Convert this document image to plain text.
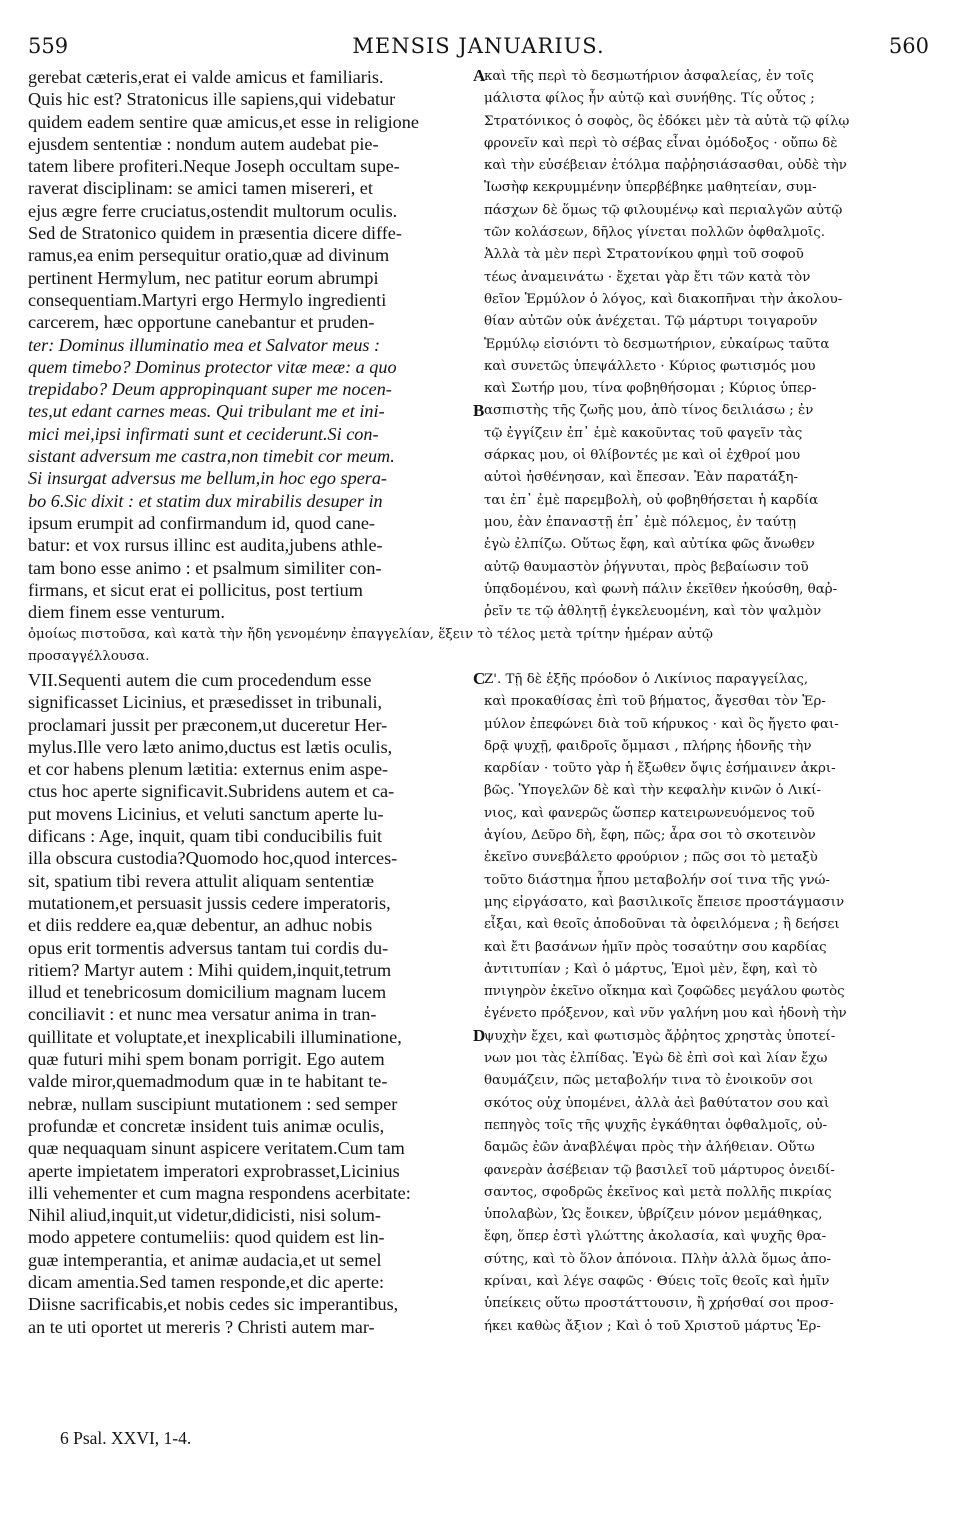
559	MENSIS JANUARIUS.	560
gerebat cæteris,erat ei valde amicus et familiaris.
Quis hic est? Stratonicus ille sapiens,qui videbatur
quidem eadem sentire quæ amicus,et esse in religione
ejusdem sententiæ : nondum autem audebat pie-
tatem libere profiteri.Neque Joseph occultam supe-
raverat disciplinam: se amici tamen misereri, et
ejus ægre ferre cruciatus,ostendit multorum oculis.
Sed de Stratonico quidem in præsentia dicere diffe-
ramus,ea enim persequitur oratio,quæ ad divinum
pertinent Hermylum, nec patitur eorum abrumpi
consequentiam.Martyri ergo Hermylo ingredienti
carcerem, hæc opportune canebantur et pruden-
ter: Dominus illuminatio mea et Salvator meus :
quem timebo? Dominus protector vitæ meæ: a quo
trepidabo? Deum appropinquant super me nocen-
tes,ut edant carnes meas. Qui tribulant me et ini-
mici mei,ipsi infirmati sunt et ceciderunt.Si con-
sistant adversum me castra,non timebit cor meum.
Si insurgat adversus me bellum,in hoc ego spera-
bo 6.Sic dixit : et statim dux mirabilis desuper in
ipsum erumpit ad confirmandum id, quod cane-
batur: et vox rursus illinc est audita,jubens athle-
tam bono esse animo : et psalmum similiter con-
firmans, et sicut erat ei pollicitus, post tertium
diem finem esse venturum.
καὶ τῆς περὶ τὸ δεσμωτήριον ἀσφαλείας, ἐν τοῖς
μάλιστα φίλος ἦν αὐτῷ καὶ συνήθης. Τίς οὗτος ;
Στρατόνικος ὁ σοφὸς, ὃς ἐδόκει μὲν τὰ αὐτὰ τῷ φίλῳ
φρονεῖν καὶ περὶ τὸ σέβας εἶναι ὁμόδοξος · οὔπω δὲ
καὶ τὴν εὐσέβειαν ἐτόλμα παῤῥησιάσασθαι, οὐδὲ τὴν
Ἰωσὴφ κεκρυμμένην ὑπερβέβηκε μαθητείαν, συμ-
πάσχων δὲ ὅμως τῷ φιλουμένῳ καὶ περιαλγῶν αὐτῷ
τῶν κολάσεων, δῆλος γίνεται πολλῶν ὀφθαλμοῖς.
Ἀλλὰ τὰ μὲν περὶ Στρατονίκου φημὶ τοῦ σοφοῦ
τέως ἀναμεινάτω · ἔχεται γὰρ ἔτι τῶν κατὰ τὸν
θεῖον Ἑρμύλον ὁ λόγος, καὶ διακοπῆναι τὴν ἀκολου-
θίαν αὐτῶν οὐκ ἀνέχεται. Τῷ μάρτυρι τοιγαροῦν
Ἑρμύλῳ εἰσιόντι τὸ δεσμωτήριον, εὐκαίρως ταῦτα
καὶ συνετῶς ὑπεψάλλετο · Κύριος φωτισμός μου
καὶ Σωτήρ μου, τίνα φοβηθήσομαι ; Κύριος ὑπερ-
ασπιστὴς τῆς ζωῆς μου, ἀπὸ τίνος δειλιάσω ; ἐν
τῷ ἐγγίζειν ἐπ᾽ ἐμὲ κακοῦντας τοῦ φαγεῖν τὰς
σάρκας μου, οἱ θλίβοντές με καὶ οἱ ἐχθροί μου
αὐτοὶ ἠσθένησαν, καὶ ἔπεσαν. Ἐὰν παρατάξη-
ται ἐπ᾽ ἐμὲ παρεμβολὴ, οὐ φοβηθήσεται ἡ καρδία
μου, ἐὰν ἐπαναστῇ ἐπ᾽ ἐμὲ πόλεμος, ἐν ταύτῃ
ἐγὼ ἐλπίζω. Οὕτως ἔφη, καὶ αὐτίκα φῶς ἄνωθεν
αὐτῷ θαυμαστὸν ῥήγνυται, πρὸς βεβαίωσιν τοῦ
ὑπᾳδομένου, καὶ φωνὴ πάλιν ἐκεῖθεν ἠκούσθη, θαῤ-
ῥεῖν τε τῷ ἀθλητῇ ἐγκελευομένη, καὶ τὸν ψαλμὸν
ὁμοίως πιστοῦσα, καὶ κατὰ τὴν ἤδη γενομένην ἐπαγγελίαν, ἕξειν τὸ τέλος μετὰ τρίτην ἡμέραν αὐτῷ
προσαγγέλλουσα.
VII.Sequenti autem die cum procedendum esse
significasset Licinius, et præsedisset in tribunali,
proclamari jussit per præconem,ut duceretur Her-
mylus.Ille vero læto animo,ductus est lætis oculis,
et cor habens plenum lætitia: externus enim aspe-
ctus hoc aperte significavit.Subridens autem et ca-
put movens Licinius, et veluti sanctum aperte lu-
dificans : Age, inquit, quam tibi conducibilis fuit
illa obscura custodia?Quomodo hoc,quod interces-
sit, spatium tibi revera attulit aliquam sententiæ
mutationem,et persuasit jussis cedere imperatoris,
et diis reddere ea,quæ debentur, an adhuc nobis
opus erit tormentis adversus tantam tui cordis du-
ritiem? Martyr autem : Mihi quidem,inquit,tetrum
illud et tenebricosum domicilium magnam lucem
conciliavit : et nunc mea versatur anima in tran-
quillitate et voluptate,et inexplicabili illuminatione,
quæ futuri mihi spem bonam porrigit. Ego autem
valde miror,quemadmodum quæ in te habitant te-
nebræ, nullam suscipiunt mutationem : sed semper
profundæ et concretæ insident tuis animæ oculis,
quæ nequaquam sinunt aspicere veritatem.Cum tam
aperte impietatem imperatori exprobrasset,Licinius
illi vehementer et cum magna respondens acerbitate:
Nihil aliud,inquit,ut videtur,didicisti, nisi solum-
modo appetere contumeliis: quod quidem est lin-
guæ intemperantia, et animæ audacia,et ut semel
dicam amentia.Sed tamen responde,et dic aperte:
Diisne sacrificabis,et nobis cedes sic imperantibus,
an te uti oportet ut mereris ? Christi autem mar-
Ζ'. Τῇ δὲ ἑξῆς πρόοδον ὁ Λικίνιος παραγγείλας,
καὶ προκαθίσας ἐπὶ τοῦ βήματος, ἄγεσθαι τὸν Ἑρ-
μύλον ἐπεφώνει διὰ τοῦ κήρυκος · καὶ ὃς ἤγετο φαι-
δρᾷ ψυχῇ, φαιδροῖς ὄμμασι , πλήρης ἡδονῆς τὴν
καρδίαν · τοῦτο γὰρ ἡ ἔξωθεν ὄψις ἐσήμαινεν ἀκρι-
βῶς. Ὑπογελῶν δὲ καὶ τὴν κεφαλὴν κινῶν ὁ Λικί-
νιος, καὶ φανερῶς ὥσπερ κατειρωνευόμενος τοῦ
ἁγίου, Δεῦρο δὴ, ἔφη, πῶς; ἆρα σοι τὸ σκοτεινὸν
ἐκεῖνο συνεβάλετο φρούριον ; πῶς σοι τὸ μεταξὺ
τοῦτο διάστημα ἦπου μεταβολήν σοί τινα τῆς γνώ-
μης εἰργάσατο, καὶ βασιλικοῖς ἔπεισε προστάγμασιν
εἶξαι, καὶ θεοῖς ἀποδοῦναι τὰ ὀφειλόμενα ; ἢ δεήσει
καὶ ἔτι βασάνων ἡμῖν πρὸς τοσαύτην σου καρδίας
ἀντιτυπίαν ; Καὶ ὁ μάρτυς, Ἐμοὶ μὲν, ἔφη, καὶ τὸ
πνιγηρὸν ἐκεῖνο οἴκημα καὶ ζοφῶδες μεγάλου φωτὸς
ἐγένετο πρόξενον, καὶ νῦν γαλήνη μου καὶ ἡδονὴ τὴν
ψυχὴν ἔχει, καὶ φωτισμὸς ἄῤῥητος χρηστὰς ὑποτεί-
νων μοι τὰς ἐλπίδας. Ἐγὼ δὲ ἐπὶ σοὶ καὶ λίαν ἔχω
θαυμάζειν, πῶς μεταβολήν τινα τὸ ἐνοικοῦν σοι
σκότος οὐχ ὑπομένει, ἀλλὰ ἀεὶ βαθύτατον σου καὶ
πεπηγὸς τοῖς τῆς ψυχῆς ἐγκάθηται ὀφθαλμοῖς, οὐ-
δαμῶς ἐῶν ἀναβλέψαι πρὸς τὴν ἀλήθειαν. Οὕτω
φανερὰν ἀσέβειαν τῷ βασιλεῖ τοῦ μάρτυρος ὀνειδί-
σαντος, σφοδρῶς ἐκεῖνος καὶ μετὰ πολλῆς πικρίας
ὑπολαβὼν, Ὡς ἔοικεν, ὑβρίζειν μόνον μεμάθηκας,
ἔφη, ὅπερ ἐστὶ γλώττης ἀκολασία, καὶ ψυχῆς θρα-
σύτης, καὶ τὸ ὅλον ἀπόνοια. Πλὴν ἀλλὰ ὅμως ἀπο-
κρίναι, καὶ λέγε σαφῶς · Θύεις τοῖς θεοῖς καὶ ἡμῖν
ὑπείκεις οὕτω προστάττουσιν, ἢ χρήσθαί σοι προσ-
ήκει καθὼς ἄξιον ; Καὶ ὁ τοῦ Χριστοῦ μάρτυς Ἑρ-
A
B
C
D
6 Psal. XXVI, 1-4.
